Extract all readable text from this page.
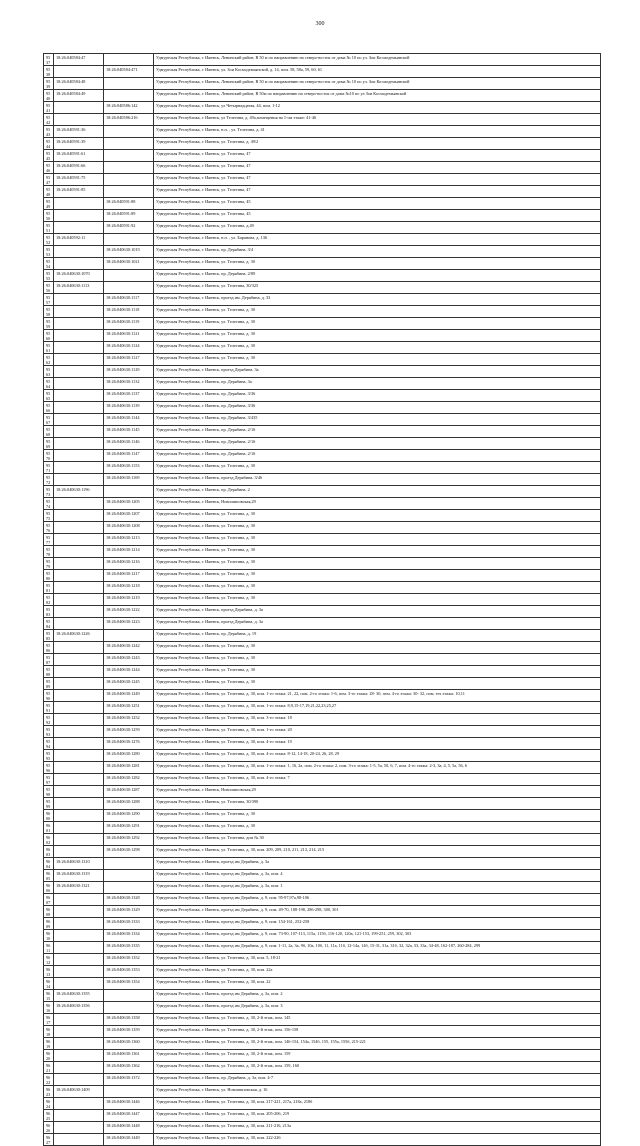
300
9537	18:26:040584:47		Удмуртская Республика, г. Ижевск, Ленинский район, В 50 м по направлению на северо-восток от дома № 10 по ул. Зои Космодемьянской
9538		18:26:040584:471	Удмуртская Республика, г. Ижевск, ул. Зои Космодемьянской, д. 14, пом. 58, 58а, 59, 60, 61
9539	18:26:040584:48		Удмуртская Республика, г. Ижевск, Ленинский район, В 50 м по направлению на северо-восток от дома № 10 по ул. Зои Космодемьянской
9540	18:26:040584:49		Удмуртская Республика, г. Ижевск, Ленинский район, В 50м по направлению на северо-восток от дома №10 по ул Зои Космодемьянской
9541		18:26:040586:142	Удмуртская Республика, г. Ижевск, ул Четырнадцатая, 44, пом. 1-12
9542		18:26:040586:216	Удмуртская Республика, г. Ижевск, ул Телегина, д. 49а,помещения на 1-ом этаже: 41-46
9543	18:26:040591:36		Удмуртская Республика, г. Ижевск, н.п. , ул. Телегина, д. 41
9544	18:26:040591:39		Удмуртская Республика, г. Ижевск, ул. Телегина, д. 49/2
9545	18:26:040591:61		Удмуртская Республика, г. Ижевск, ул. Телегина, 47
9546	18:26:040591:66		Удмуртская Республика, г. Ижевск, ул. Телегина, 47
9547	18:26:040591:75		Удмуртская Республика, г. Ижевск, ул. Телегина, 47
9548	18:26:040591:85		Удмуртская Республика, г. Ижевск, ул. Телегина, 47
9549		18:26:040591:88	Удмуртская Республика, г. Ижевск, ул. Телегина, 45
9550		18:26:040591:89	Удмуртская Республика, г. Ижевск, ул. Телегина, 45
9551		18:26:040591:92	Удмуртская Республика, г. Ижевск, ул. Телегина, д.49
9552	18:26:040592:11		Удмуртская Республика, г. Ижевск, н.п. , ул. Баранова, д. 136
9553		18:26:040630:1019	Удмуртская Республика, г. Ижевск, пр. Дерябина, 3/4
9554		18:26:040630:1021	Удмуртская Республика, г. Ижевск, ул. Телегина, д. 30
9555	18:26:040630:1070		Удмуртская Республика, г. Ижевск, пр. Дерябина, 2/89
9556	18:26:040630:1113		Удмуртская Республика, г. Ижевск, ул. Телегина, 30/325
9557		18:26:040630:1117	Удмуртская Республика, г. Ижевск, проезд им. Дерябина, д. 33
9558		18:26:040630:1118	Удмуртская Республика, г. Ижевск, ул. Телегина, д. 30
9559		18:26:040630:1119	Удмуртская Республика, г. Ижевск, ул. Телегина, д. 30
9560		18:26:040630:1121	Удмуртская Республика, г. Ижевск, ул. Телегина, д. 30
9561		18:26:040630:1124	Удмуртская Республика, г. Ижевск, ул. Телегина, д. 30
9562		18:26:040630:1127	Удмуртская Республика, г. Ижевск, ул. Телегина, д. 30
9563		18:26:040630:1129	Удмуртская Республика, г. Ижевск, проезд Дерябина, 3а
9564		18:26:040630:1132	Удмуртская Республика, г. Ижевск, пр. Дерябина, 3а
9565		18:26:040630:1137	Удмуртская Республика, г. Ижевск, пр. Дерябина, 3/36
9566		18:26:040630:1139	Удмуртская Республика, г. Ижевск, пр. Дерябина, 3/36
9567		18:26:040630:1144	Удмуртская Республика, г. Ижевск, пр. Дерябина, 3/435
9568		18:26:040630:1145	Удмуртская Республика, г. Ижевск, пр. Дерябина, 2/16
9569		18:26:040630:1146	Удмуртская Республика, г. Ижевск, пр. Дерябина, 2/16
9570		18:26:040630:1147	Удмуртская Республика, г. Ижевск, пр. Дерябина, 2/16
9571		18:26:040630:1153	Удмуртская Республика, г. Ижевск, ул. Телегина, д. 30
9572		18:26:040630:1169	Удмуртская Республика, г. Ижевск, проезд Дерябина, 3/46
9573	18:26:040630:1196		Удмуртская Республика, г. Ижевск, пр. Дерябина, 2
9574		18:26:040630:1205	Удмуртская Республика, г. Ижевск, Новошиповская,29
9575		18:26:040630:1207	Удмуртская Республика, г. Ижевск, ул. Телегина, д. 30
9576		18:26:040630:1208	Удмуртская Республика, г. Ижевск, ул. Телегина, д. 30
9577		18:26:040630:1213	Удмуртская Республика, г. Ижевск, ул. Телегина, д. 30
9578		18:26:040630:1214	Удмуртская Республика, г. Ижевск, ул. Телегина, д. 30
9579		18:26:040630:1216	Удмуртская Республика, г. Ижевск, ул. Телегина, д. 30
9580		18:26:040630:1217	Удмуртская Республика, г. Ижевск, ул. Телегина, д. 30
9581		18:26:040630:1218	Удмуртская Республика, г. Ижевск, ул. Телегина, д. 30
9582		18:26:040630:1219	Удмуртская Республика, г. Ижевск, ул. Телегина, д. 30
9583		18:26:040630:1222	Удмуртская Республика, г. Ижевск, проезд Дерябина, д. 3а
9584		18:26:040630:1223	Удмуртская Республика, г. Ижевск, проезд Дерябина, д. 3а
9585	18:26:040630:1226		Удмуртская Республика, г. Ижевск, пр. Дерябина, д. 19
9586		18:26:040630:1242	Удмуртская Республика, г. Ижевск, ул. Телегина, д. 30
9587		18:26:040630:1243	Удмуртская Республика, г. Ижевск, ул. Телегина, д. 30
9588		18:26:040630:1244	Удмуртская Республика, г. Ижевск, ул. Телегина, д. 30
9589		18:26:040630:1245	Удмуртская Республика, г. Ижевск, ул. Телегина, д. 30
9590		18:26:040630:1249	Удмуртская Республика, г. Ижевск, ул. Телегина, д. 30, пом. 1-го этажа: 21, 22, пом. 2-го этажа: 1-6, пом. 3-го этажа: 28- 30, пом. 4-го этажа: 30- 32, пом. тех.этажа: 10,11
9591		18:26:040630:1251	Удмуртская Республика, г. Ижевск, ул. Телегина, д. 30, пом. 1-го этажа: 8,9,15-17,19,21,22,23,25,27
9592		18:26:040630:1252	Удмуртская Республика, г. Ижевск, ул. Телегина, д. 30, пом. 3-го этажа: 18
9593		18:26:040630:1259	Удмуртская Республика, г. Ижевск, ул. Телегина, д. 30, пом. 1-го этажа: 20
9594		18:26:040630:1276	Удмуртская Республика, г. Ижевск, ул. Телегина, д. 30, пом. 4-го этажа: 19
9595		18:26:040630:1280	Удмуртская Республика, г. Ижевск, ул. Телегина, д. 30, пом. 4-го этажа: 8-12, 14-18, 20-24, 26, 28, 29
9596		18:26:040630:1281	Удмуртская Республика, г. Ижевск, ул. Телегина, д. 30, пом. 1-го этажа: 1, 16, 2а, пом. 2-го этажа: 2, пом. 3-го этажа: 1-5, 5а, 50, 6, 7, пом. 4-го этажа: 2-3, 3а, 4, 5, 5а, 56, 6
9597		18:26:040630:1282	Удмуртская Республика, г. Ижевск, ул. Телегина, д. 30, пом. 4-го этажа: 7
9598		18:26:040630:1287	Удмуртская Республика, г. Ижевск, Новошиповская,29
9599		18:26:040630:1288	Удмуртская Республика, г. Ижевск, ул. Телегина, 30/390
9600		18:26:040630:1290	Удмуртская Республика, г. Ижевск, ул. Телегина, д. 30
9601		18:26:040630:1291	Удмуртская Республика, г. Ижевск, ул. Телегина, д. 30
9602		18:26:040630:1292	Удмуртская Республика, г. Ижевск, ул. Телегина, дом № 30
9603		18:26:040630:1298	Удмуртская Республика, г. Ижевск, ул. Телегина, д. 30, пом. 209, 209, 210, 211, 213, 214, 215
9604	18:26:040630:1310		Удмуртская Республика, г. Ижевск, проезд им Дерябина, д. 3а
9605	18:26:040630:1319		Удмуртская Республика, г. Ижевск, проезд им Дерябина, д. 3а, пом. 4
9606	18:26:040630:1321		Удмуртская Республика, г. Ижевск, проезд им Дерябина, д. 3а, пом. 1
9607		18:26:040630:1328	Удмуртская Республика, г. Ижевск, проезд им Дерябина, д. 9, пом. 95-97,97а,98-106
9608		18:26:040630:1329	Удмуртская Республика, г. Ижевск, проезд им Дерябина, д. 9, пом. 49-70, 188-198, 286-298, 300, 301
9609		18:26:040630:1333	Удмуртская Республика, г. Ижевск, проезд им Дерябина, д. 9, пом. 154-161, 252-258
9610		18:26:040630:1334	Удмуртская Республика, г. Ижевск, проезд им Дерябина, д. 9, пом. 73-90, 107-113, 115а, 115б, 116-120, 120а, 121-153, 199-251, 259, 302, 303
9611		18:26:040630:1335	Удмуртская Республика, г. Ижевск, проезд им Дерябина, д. 9, пом. 1-11, 2а, 3а, 9б, 10а, 10б, 11, 11а, 11б, 12-14а, 14б, 15-31, 31а, 31б, 32, 32а, 33, 33а, 34-48, 162-187, 260-284, 299
9612		18:26:040630:1352	Удмуртская Республика, г. Ижевск, ул. Телегина, д. 30, пом. 5, 18-21
9613		18:26:040630:1353	Удмуртская Республика, г. Ижевск, ул. Телегина, д. 30, пом. 22а
9614		18:26:040630:1354	Удмуртская Республика, г. Ижевск, ул. Телегина, д. 30, пом. 22
9615	18:26:040630:1355		Удмуртская Республика, г. Ижевск, проезд им Дерябина, д. 3а, пом. 2
9616	18:26:040630:1356		Удмуртская Республика, г. Ижевск, проезд им Дерябина, д. 3а, пом. 3
9617		18:26:040630:1358	Удмуртская Республика, г. Ижевск, ул. Телегина, д. 30, 2-й этаж, пом. 145
9618		18:26:040630:1359	Удмуртская Республика, г. Ижевск, ул. Телегина, д. 30, 2-й этаж, пом. 156-158
9619		18:26:040630:1360	Удмуртская Республика, г. Ижевск, ул. Телегина, д. 30, 2-й этаж, пом. 146-154, 154а, 154б, 155, 155а, 155б, 215-221
9620		18:26:040630:1361	Удмуртская Республика, г. Ижевск, ул. Телегина, д. 30, 2-й этаж, пом. 159
9621		18:26:040630:1362	Удмуртская Республика, г. Ижевск, ул. Телегина, д. 30, 2-й этаж, пом. 159, 160
9622		18:26:040630:1372	Удмуртская Республика, г. Ижевск, пр. Дерябина, д. 3а, пом. 4-7
9623	18:26:040630:1409		Удмуртская Республика, г. Ижевск, ул. Новошиповская, д. 16
9624		18:26:040630:1446	Удмуртская Республика, г. Ижевск, ул. Телегина, д. 30, пом. 217-221, 217а, 218а, 218б
9625		18:26:040630:1447	Удмуртская Республика, г. Ижевск, ул. Телегина, д. 30, пом. 205-206, 219
9626		18:26:040630:1448	Удмуртская Республика, г. Ижевск, ул. Телегина, д. 30, пом. 211-216, 213а
9627		18:26:040630:1449	Удмуртская Республика, г. Ижевск, ул. Телегина, д. 30, пом. 222-226
